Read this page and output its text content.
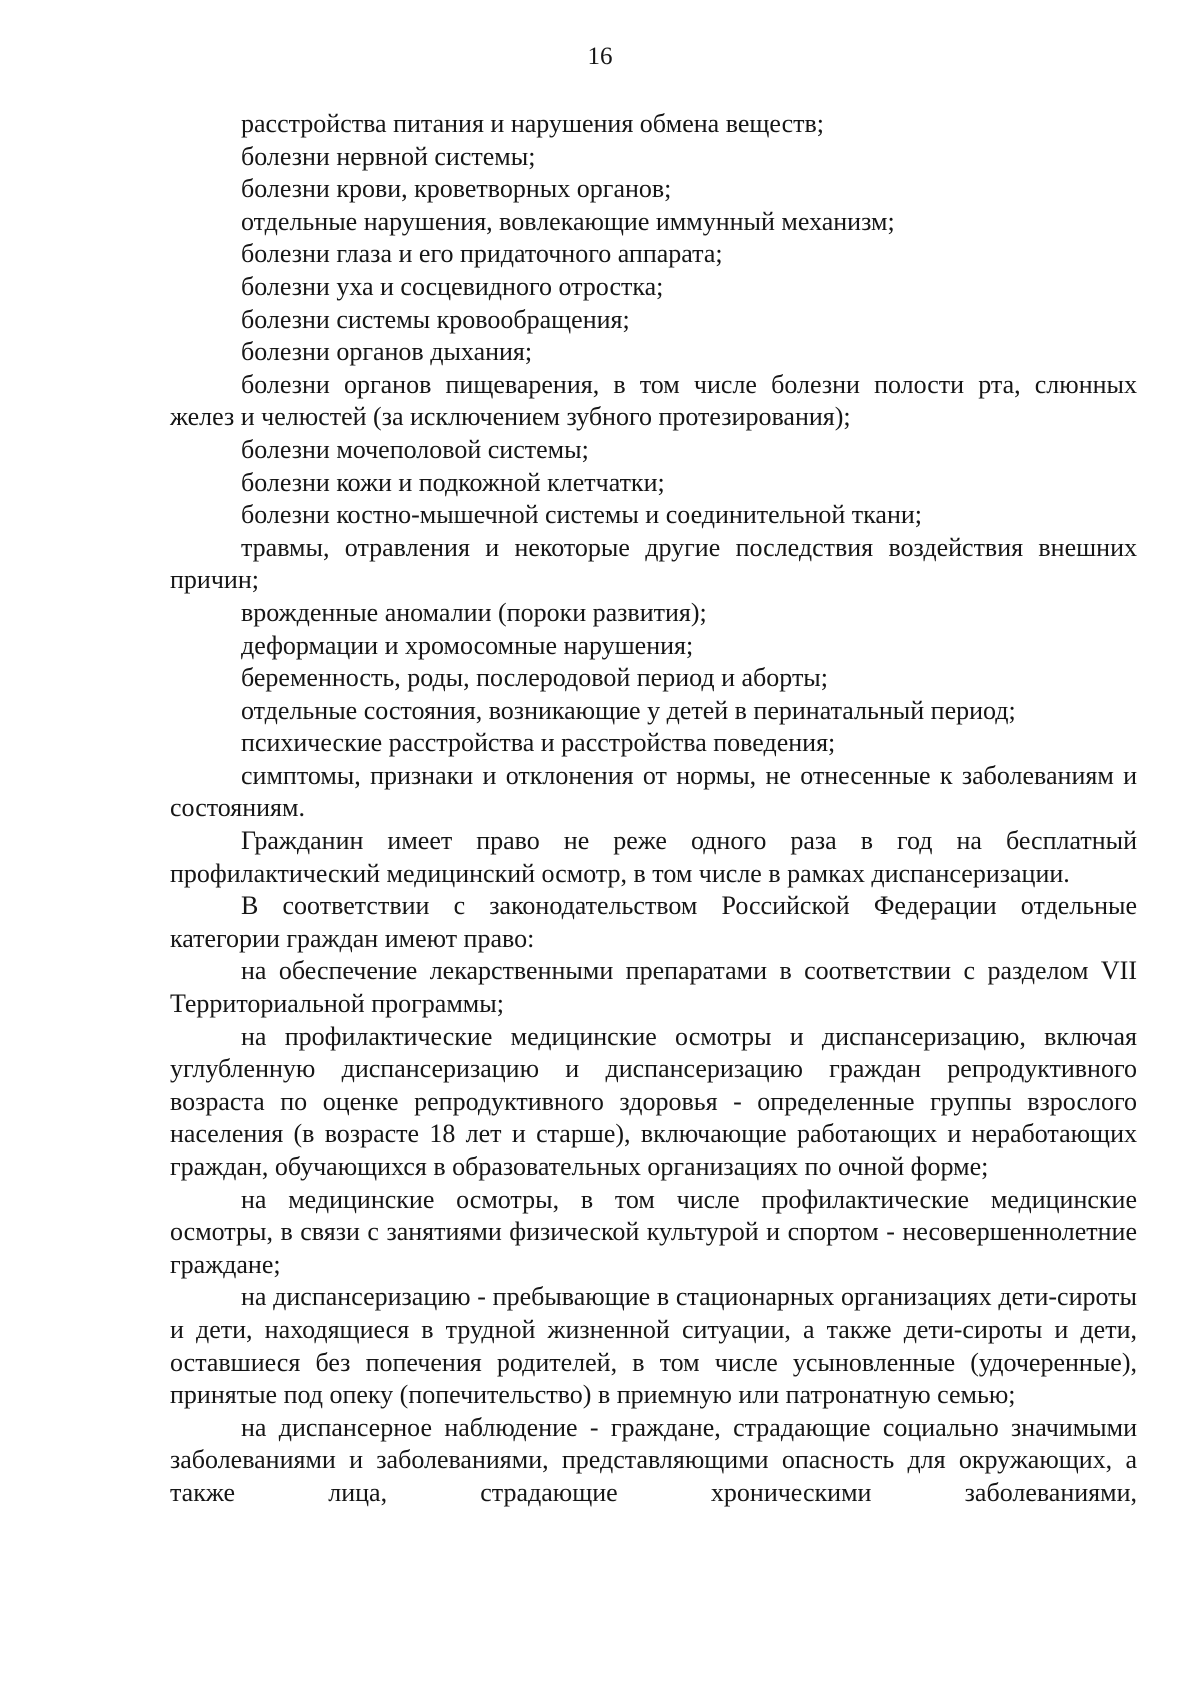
16

расстройства питания и нарушения обмена веществ;

болезни нервной системы;

болезни крови, кроветворных органов;

отдельные нарушения, вовлекающие иммунный механизм;

болезни глаза и его придаточного аппарата;

болезни уха и сосцевидного отростка;

болезни системы кровообращения;

болезни органов дыхания;

болезни органов пищеварения, в том числе болезни полости рта, слюнных желез и челюстей (за исключением зубного протезирования);

болезни мочеполовой системы;

болезни кожи и подкожной клетчатки;

болезни костно-мышечной системы и соединительной ткани;

травмы, отравления и некоторые другие последствия воздействия внешних причин;

врожденные аномалии (пороки развития);

деформации и хромосомные нарушения;

беременность, роды, послеродовой период и аборты;

отдельные состояния, возникающие у детей в перинатальный период;

психические расстройства и расстройства поведения;

симптомы, признаки и отклонения от нормы, не отнесенные к заболеваниям и состояниям.

Гражданин имеет право не реже одного раза в год на бесплатный профилактический медицинский осмотр, в том числе в рамках диспансеризации.

В соответствии с законодательством Российской Федерации отдельные категории граждан имеют право:

на обеспечение лекарственными препаратами в соответствии с разделом VII Территориальной программы;

на профилактические медицинские осмотры и диспансеризацию, включая углубленную диспансеризацию и диспансеризацию граждан репродуктивного возраста по оценке репродуктивного здоровья - определенные группы взрослого населения (в возрасте 18 лет и старше), включающие работающих и неработающих граждан, обучающихся в образовательных организациях по очной форме;

на медицинские осмотры, в том числе профилактические медицинские осмотры, в связи с занятиями физической культурой и спортом - несовершеннолетние граждане;

на диспансеризацию - пребывающие в стационарных организациях дети-сироты и дети, находящиеся в трудной жизненной ситуации, а также дети-сироты и дети, оставшиеся без попечения родителей, в том числе усыновленные (удочеренные), принятые под опеку (попечительство) в приемную или патронатную семью;

на диспансерное наблюдение - граждане, страдающие социально значимыми заболеваниями и заболеваниями, представляющими опасность для окружающих, а также лица, страдающие хроническими заболеваниями,
